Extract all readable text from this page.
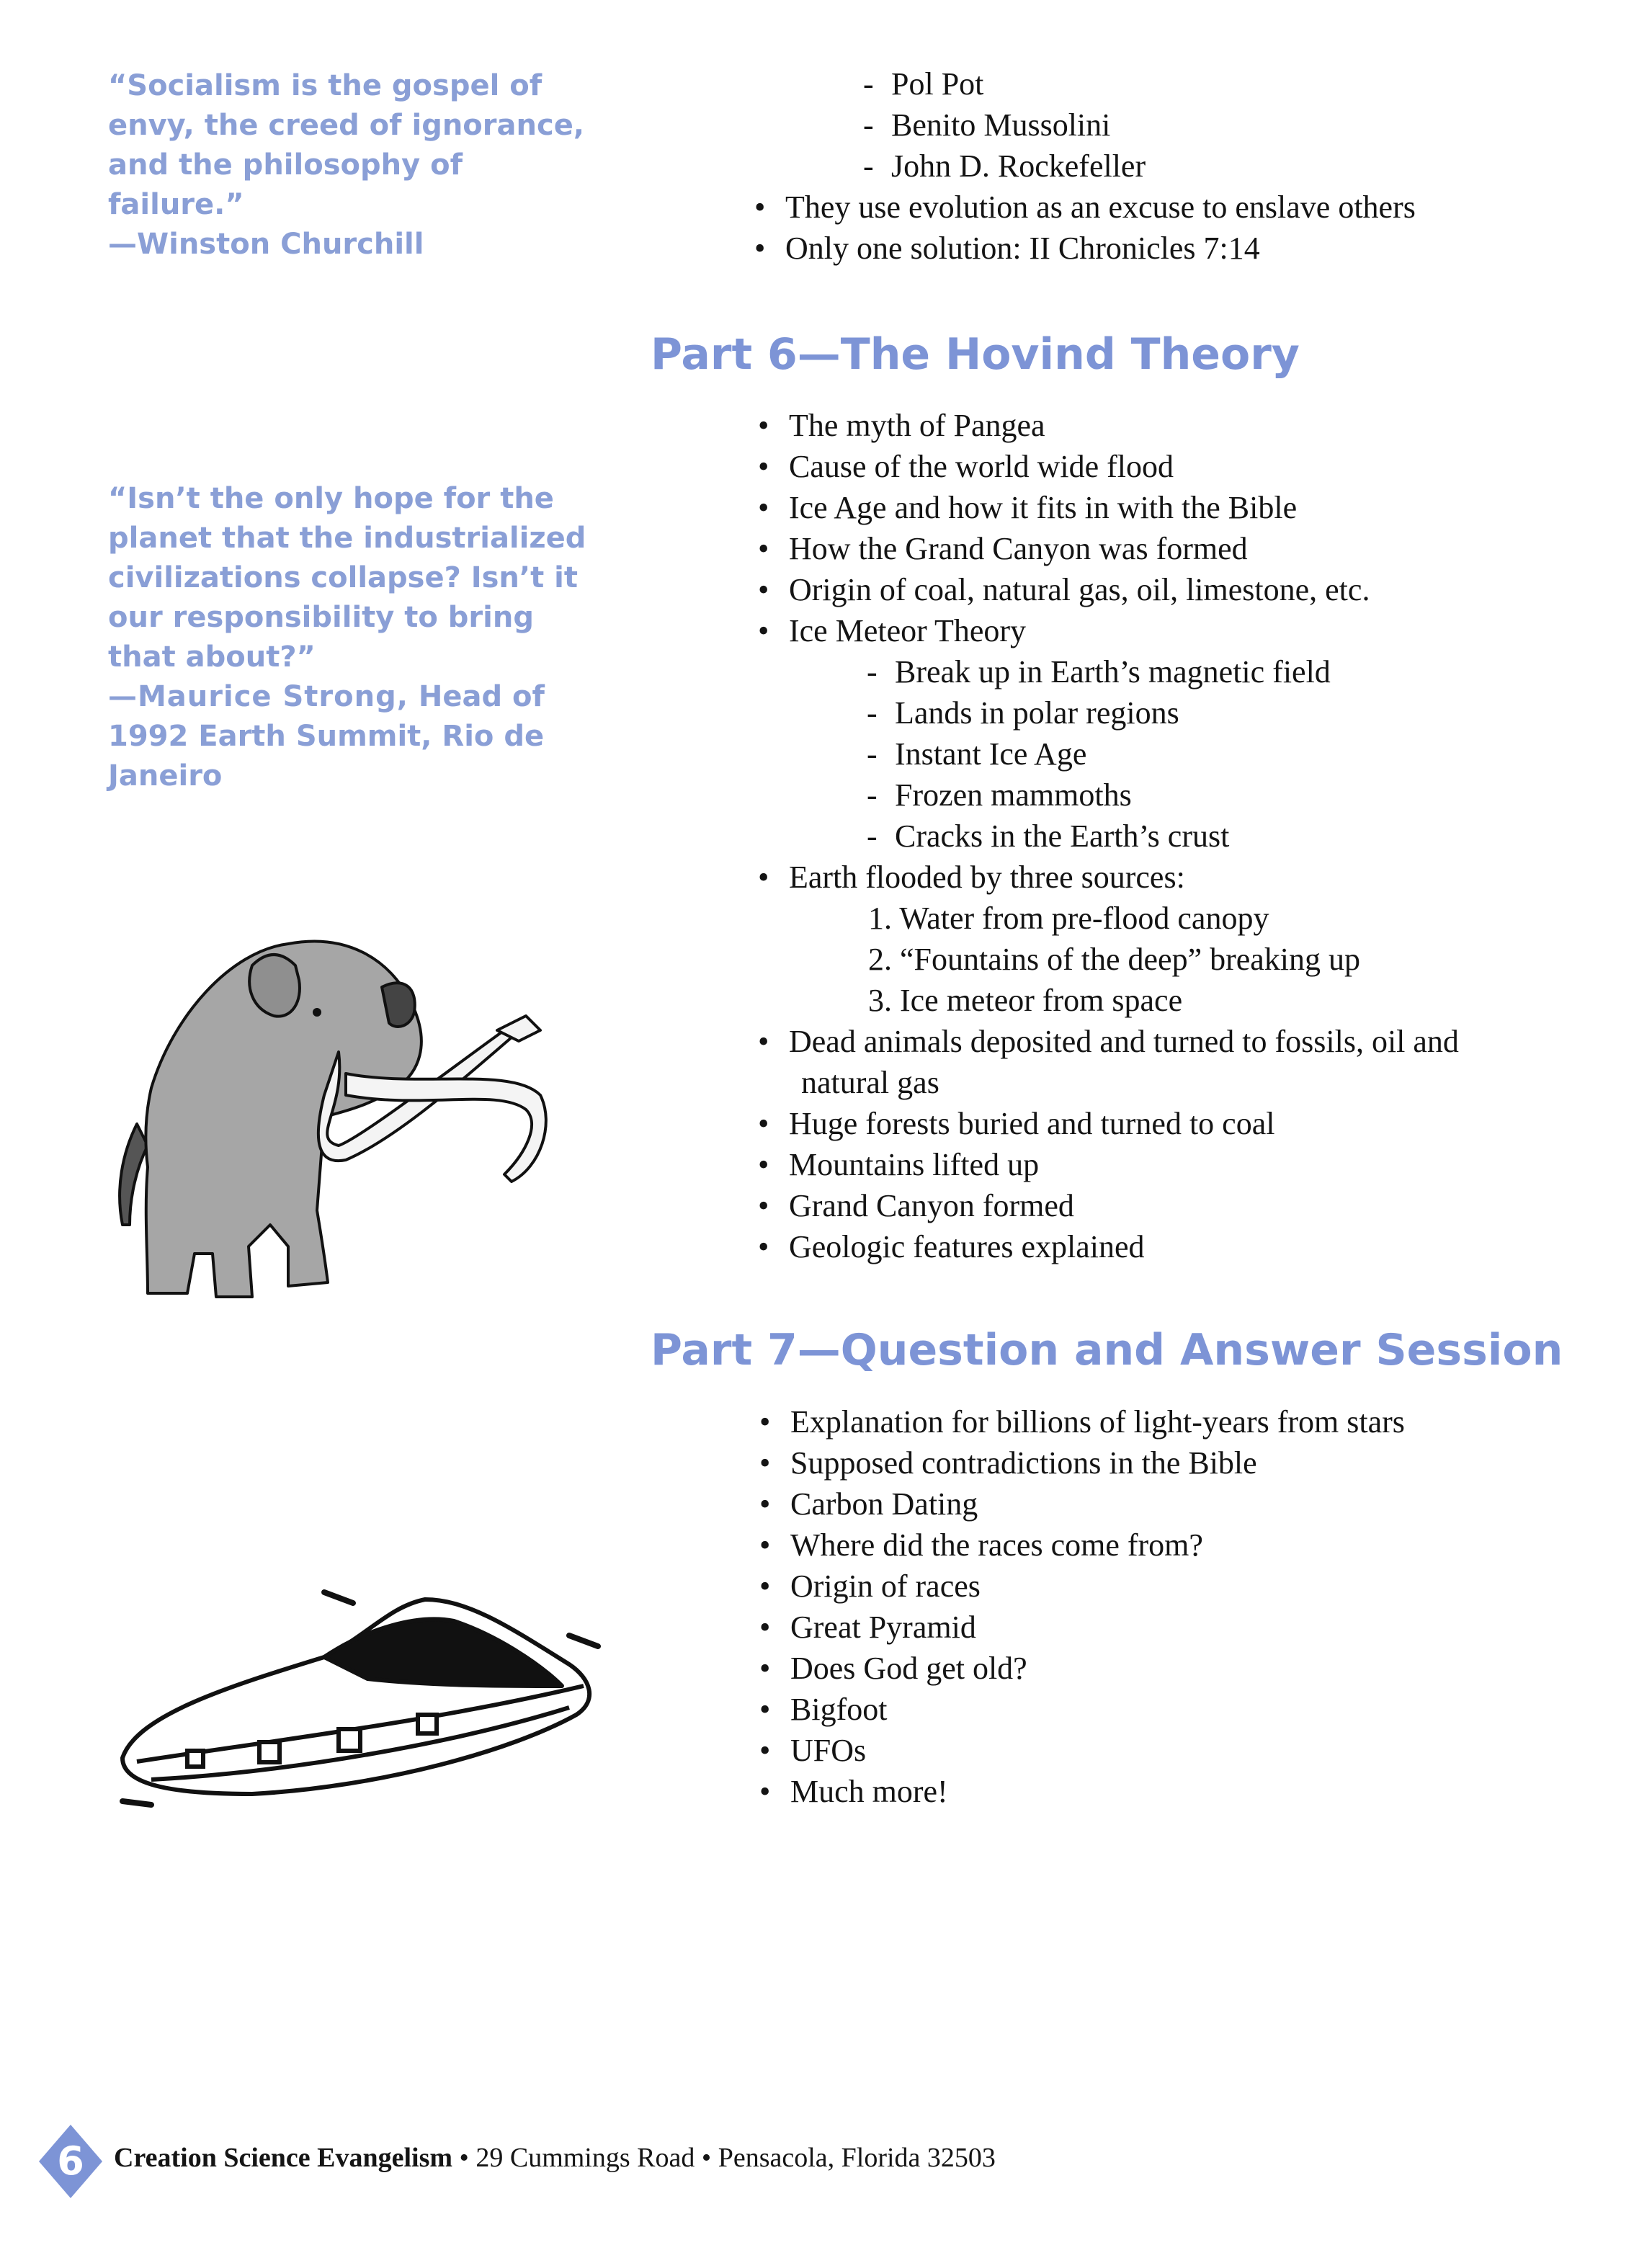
“Socialism is the gospel of envy, the creed of ignorance, and the philosophy of failure.”

—Winston Churchill

“Isn’t the only hope for the planet that the industrialized civilizations collapse? Isn’t it our responsibility to bring that about?”

—Maurice Strong, Head of 1992 Earth Summit, Rio de Janeiro

- Pol Pot
- Benito Mussolini
- John D. Rockefeller
• They use evolution as an excuse to enslave others
• Only one solution: II Chronicles 7:14
Part 6—The Hovind Theory
• The myth of Pangea
• Cause of the world wide flood
• Ice Age and how it fits in with the Bible
• How the Grand Canyon was formed
• Origin of coal, natural gas, oil, limestone, etc.
• Ice Meteor Theory
- Break up in Earth’s magnetic field
- Lands in polar regions
- Instant Ice Age
- Frozen mammoths
- Cracks in the Earth’s crust
• Earth flooded by three sources:
1. Water from pre-flood canopy
2. “Fountains of the deep” breaking up
3. Ice meteor from space
• Dead animals deposited and turned to fossils, oil and
natural gas
• Huge forests buried and turned to coal
• Mountains lifted up
• Grand Canyon formed
• Geologic features explained
Part 7—Question and Answer Session
• Explanation for billions of light-years from stars
• Supposed contradictions in the Bible
• Carbon Dating
• Where did the races come from?
• Origin of races
• Great Pyramid
• Does God get old?
• Bigfoot
• UFOs
• Much more!
6	Creation Science Evangelism • 29 Cummings Road • Pensacola, Florida 32503
